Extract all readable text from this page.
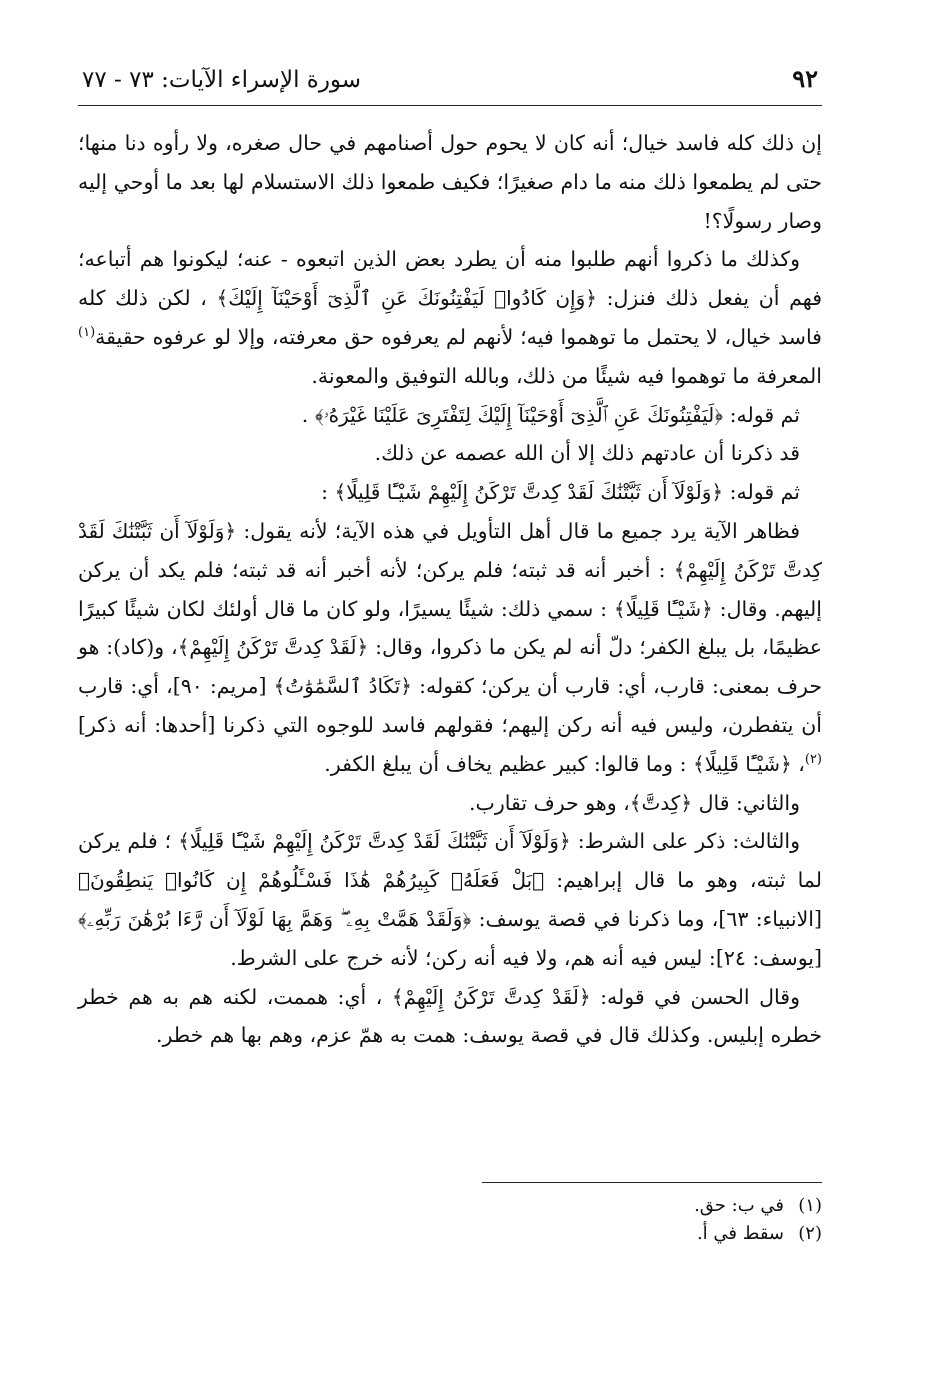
٩٢
سورة الإسراء الآيات: ٧٣ - ٧٧

إن ذلك كله فاسد خيال؛ أنه كان لا يحوم حول أصنامهم في حال صغره، ولا رأوه دنا منها؛ حتى لم يطمعوا ذلك منه ما دام صغيرًا؛ فكيف طمعوا ذلك الاستسلام لها بعد ما أوحي إليه وصار رسولًا؟!

وكذلك ما ذكروا أنهم طلبوا منه أن يطرد بعض الذين اتبعوه - عنه؛ ليكونوا هم أتباعه؛ فهم أن يفعل ذلك فنزل: ﴿وَإِن كَادُوا۟ لَيَفْتِنُونَكَ عَنِ ٱلَّذِىٓ أَوْحَيْنَآ إِلَيْكَ﴾ ، لكن ذلك كله فاسد خيال، لا يحتمل ما توهموا فيه؛ لأنهم لم يعرفوه حق معرفته، وإلا لو عرفوه حقيقة$^{(١)}$ المعرفة ما توهموا فيه شيئًا من ذلك، وبالله التوفيق والمعونة.

ثم قوله: ﴿لَيَفْتِنُونَكَ عَنِ ٱلَّذِىٓ أَوْحَيْنَآ إِلَيْكَ لِتَفْتَرِىَ عَلَيْنَا غَيْرَهُۥ﴾ .

قد ذكرنا أن عادتهم ذلك إلا أن الله عصمه عن ذلك.

ثم قوله: ﴿وَلَوْلَآ أَن ثَبَّتْنَٰكَ لَقَدْ كِدتَّ تَرْكَنُ إِلَيْهِمْ شَيْـًٔا قَلِيلًا﴾ :

فظاهر الآية يرد جميع ما قال أهل التأويل في هذه الآية؛ لأنه يقول: ﴿وَلَوْلَآ أَن ثَبَّتْنَٰكَ لَقَدْ كِدتَّ تَرْكَنُ إِلَيْهِمْ﴾ : أخبر أنه قد ثبته؛ فلم يركن؛ لأنه أخبر أنه قد ثبته؛ فلم يكد أن يركن إليهم. وقال: ﴿شَيْـًٔا قَلِيلًا﴾ : سمي ذلك: شيئًا يسيرًا، ولو كان ما قال أولئك لكان شيئًا كبيرًا عظيمًا، بل يبلغ الكفر؛ دلّ أنه لم يكن ما ذكروا، وقال: ﴿لَقَدْ كِدتَّ تَرْكَنُ إِلَيْهِمْ﴾، و(كاد): هو حرف بمعنى: قارب، أي: قارب أن يركن؛ كقوله: ﴿تَكَادُ ٱلسَّمَٰوَٰتُ﴾ [مريم: ٩٠]، أي: قارب أن يتفطرن، وليس فيه أنه ركن إليهم؛ فقولهم فاسد للوجوه التي ذكرنا [أحدها: أنه ذكر]$^{(٢)}$، ﴿شَيْـًٔا قَلِيلًا﴾ : وما قالوا: كبير عظيم يخاف أن يبلغ الكفر.

والثاني: قال ﴿كِدتَّ﴾، وهو حرف تقارب.

والثالث: ذكر على الشرط: ﴿وَلَوْلَآ أَن ثَبَّتْنَٰكَ لَقَدْ كِدتَّ تَرْكَنُ إِلَيْهِمْ شَيْـًٔا قَلِيلًا﴾ ؛ فلم يركن لما ثبته، وهو ما قال إبراهيم: ﴿بَلْ فَعَلَهُۥ كَبِيرُهُمْ هَٰذَا فَسْـَٔلُوهُمْ إِن كَانُوا۟ يَنطِقُونَ﴾ [الانبياء: ٦٣]، وما ذكرنا في قصة يوسف: ﴿وَلَقَدْ هَمَّتْ بِهِۦ ۖ وَهَمَّ بِهَا لَوْلَآ أَن رَّءَا بُرْهَٰنَ رَبِّهِۦ﴾ [يوسف: ٢٤]: ليس فيه أنه هم، ولا فيه أنه ركن؛ لأنه خرج على الشرط.

وقال الحسن في قوله: ﴿لَقَدْ كِدتَّ تَرْكَنُ إِلَيْهِمْ﴾ ، أي: هممت، لكنه هم به هم خطر خطره إبليس. وكذلك قال في قصة يوسف: همت به همّ عزم، وهم بها هم خطر.

(١)
في ب: حق.
(٢)
سقط في أ.
